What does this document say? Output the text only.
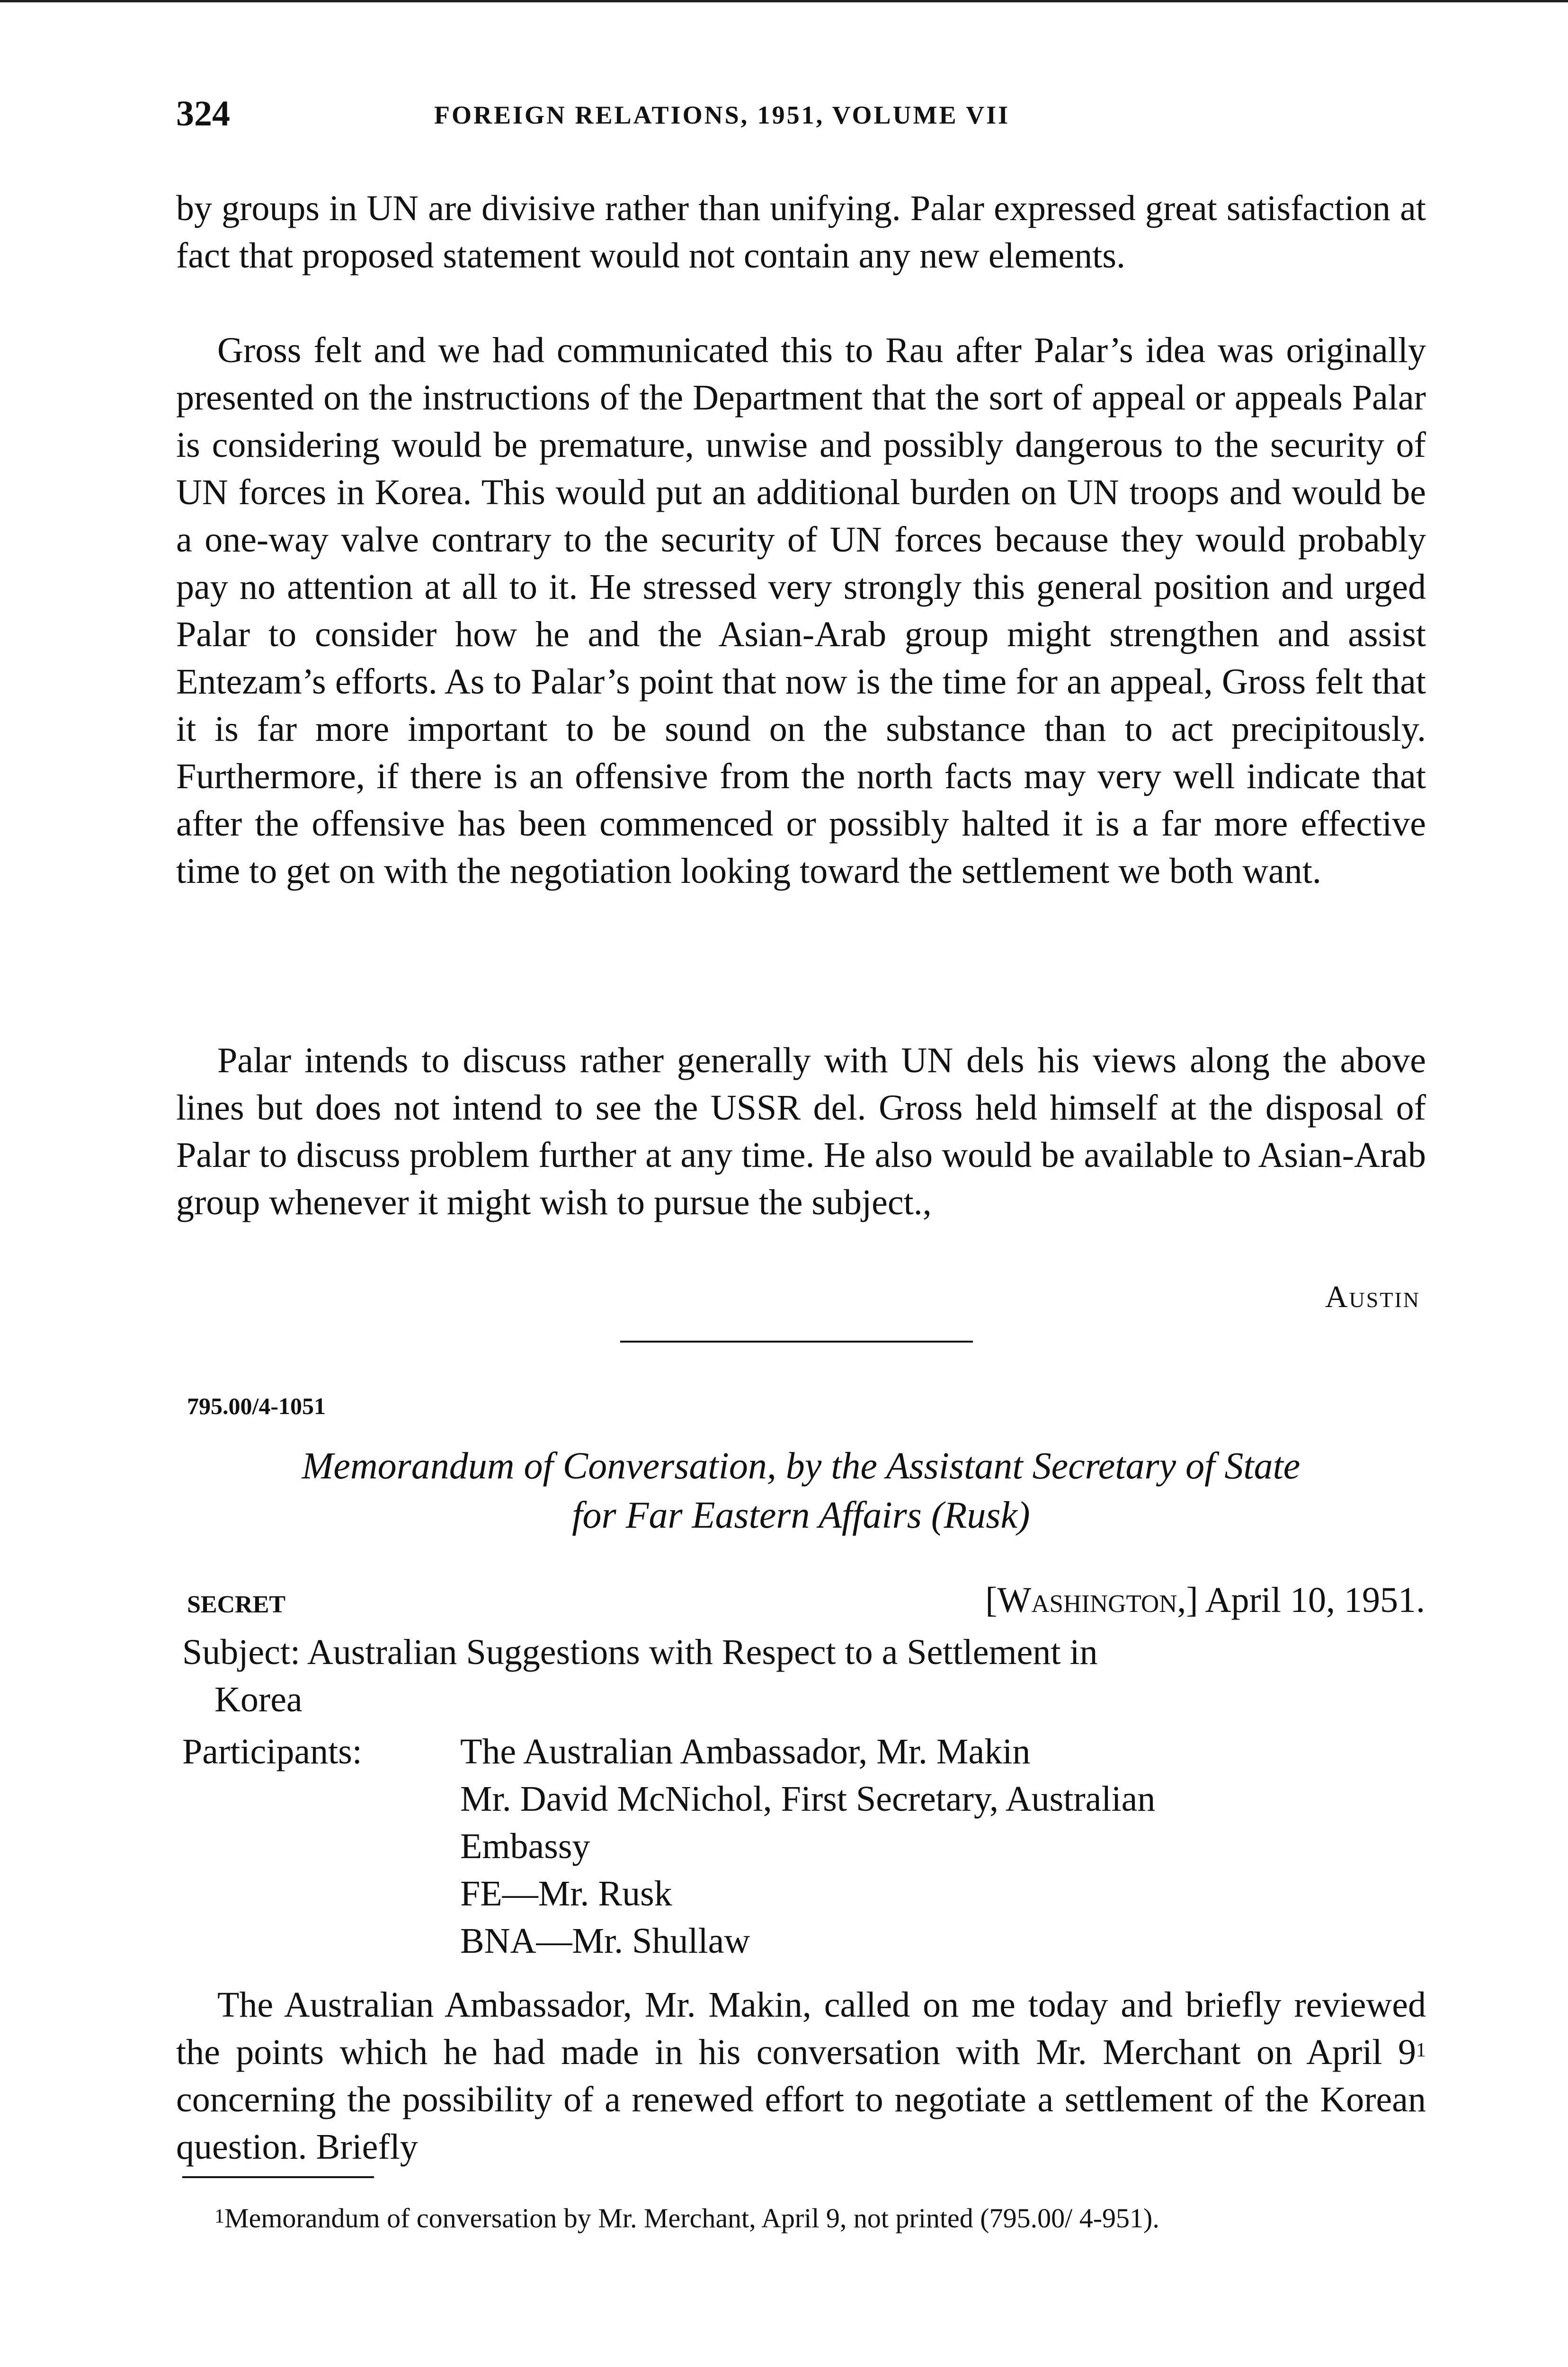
324	FOREIGN RELATIONS, 1951, VOLUME VII
by groups in UN are divisive rather than unifying. Palar expressed great satisfaction at fact that proposed statement would not contain any new elements.
Gross felt and we had communicated this to Rau after Palar’s idea was originally presented on the instructions of the Department that the sort of appeal or appeals Palar is considering would be premature, unwise and possibly dangerous to the security of UN forces in Korea. This would put an additional burden on UN troops and would be a one-way valve contrary to the security of UN forces because they would probably pay no attention at all to it. He stressed very strongly this general position and urged Palar to consider how he and the Asian-Arab group might strengthen and assist Entezam’s efforts. As to Palar’s point that now is the time for an appeal, Gross felt that it is far more important to be sound on the substance than to act precipitously. Furthermore, if there is an offensive from the north facts may very well indicate that after the offensive has been commenced or possibly halted it is a far more effective time to get on with the negotiation looking toward the settlement we both want.
Palar intends to discuss rather generally with UN dels his views along the above lines but does not intend to see the USSR del. Gross held himself at the disposal of Palar to discuss problem further at any time. He also would be available to Asian-Arab group whenever it might wish to pursue the subject.,
Austin
795.00/4-1051
Memorandum of Conversation, by the Assistant Secretary of State
for Far Eastern Affairs (Rusk)
SECRET	[Washington,] April 10, 1951.
Subject: Australian Suggestions with Respect to a Settlement in
Korea
Participants:	The Australian Ambassador, Mr. Makin
Mr. David McNichol, First Secretary, Australian
Embassy
FE—Mr. Rusk
BNA—Mr. Shullaw
The Australian Ambassador, Mr. Makin, called on me today and briefly reviewed the points which he had made in his conversation with Mr. Merchant on April $9^1$ concerning the possibility of a renewed effort to negotiate a settlement of the Korean question. Briefly
$^1$Memorandum of conversation by Mr. Merchant, April 9, not printed (795.00/ 4-951).
